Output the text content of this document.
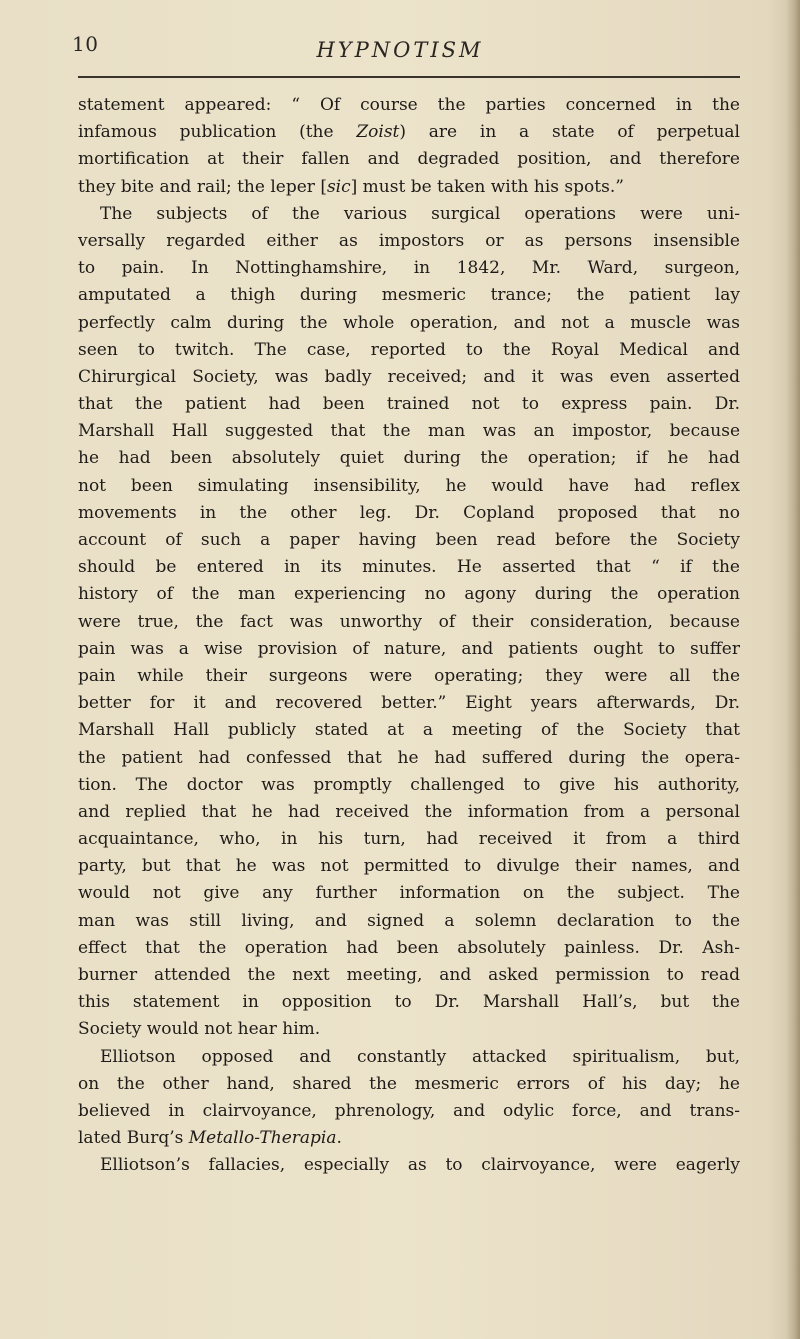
10	HYPNOTISM
statement appeared: “ Of course the parties concerned in the
infamous publication (the Zoist) are in a state of perpetual
mortification at their fallen and degraded position, and therefore
they bite and rail; the leper [sic] must be taken with his spots.”
The subjects of the various surgical operations were uni-
versally regarded either as impostors or as persons insensible
to pain. In Nottinghamshire, in 1842, Mr. Ward, surgeon,
amputated a thigh during mesmeric trance; the patient lay
perfectly calm during the whole operation, and not a muscle was
seen to twitch. The case, reported to the Royal Medical and
Chirurgical Society, was badly received; and it was even asserted
that the patient had been trained not to express pain. Dr.
Marshall Hall suggested that the man was an impostor, because
he had been absolutely quiet during the operation; if he had
not been simulating insensibility, he would have had reflex
movements in the other leg. Dr. Copland proposed that no
account of such a paper having been read before the Society
should be entered in its minutes. He asserted that “ if the
history of the man experiencing no agony during the operation
were true, the fact was unworthy of their consideration, because
pain was a wise provision of nature, and patients ought to suffer
pain while their surgeons were operating; they were all the
better for it and recovered better.” Eight years afterwards, Dr.
Marshall Hall publicly stated at a meeting of the Society that
the patient had confessed that he had suffered during the opera-
tion. The doctor was promptly challenged to give his authority,
and replied that he had received the information from a personal
acquaintance, who, in his turn, had received it from a third
party, but that he was not permitted to divulge their names, and
would not give any further information on the subject. The
man was still living, and signed a solemn declaration to the
effect that the operation had been absolutely painless. Dr. Ash-
burner attended the next meeting, and asked permission to read
this statement in opposition to Dr. Marshall Hall’s, but the
Society would not hear him.
Elliotson opposed and constantly attacked spiritualism, but,
on the other hand, shared the mesmeric errors of his day; he
believed in clairvoyance, phrenology, and odylic force, and trans-
lated Burq’s Metallo-Therapia.
Elliotson’s fallacies, especially as to clairvoyance, were eagerly
